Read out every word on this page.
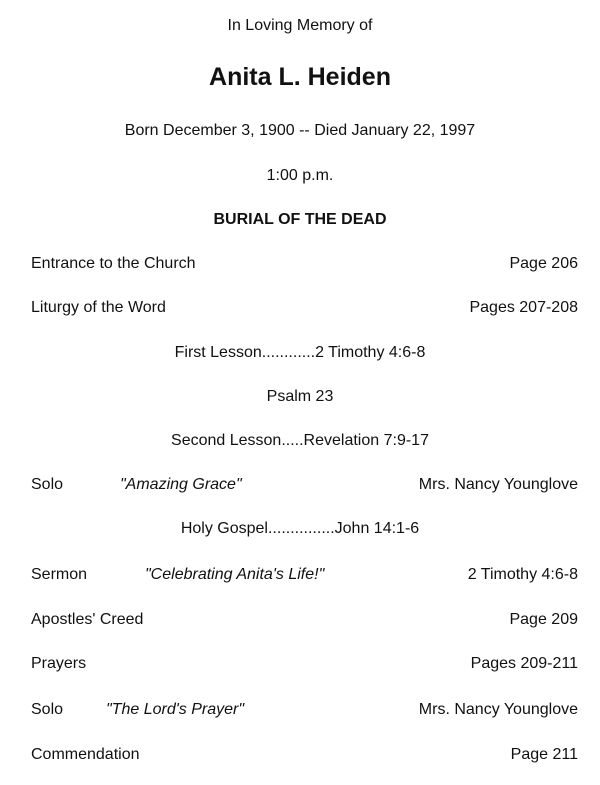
In Loving Memory of
Anita L. Heiden
Born December 3, 1900 -- Died January 22, 1997
1:00 p.m.
BURIAL OF THE DEAD
Entrance to the Church	Page 206
Liturgy of the Word	Pages 207-208
First Lesson............2 Timothy 4:6-8
Psalm 23
Second Lesson.....Revelation 7:9-17
Solo	"Amazing Grace"	Mrs. Nancy Younglove
Holy Gospel...............John 14:1-6
Sermon	"Celebrating Anita's Life!"	2 Timothy 4:6-8
Apostles' Creed	Page 209
Prayers	Pages 209-211
Solo	"The Lord's Prayer"	Mrs. Nancy Younglove
Commendation	Page 211
